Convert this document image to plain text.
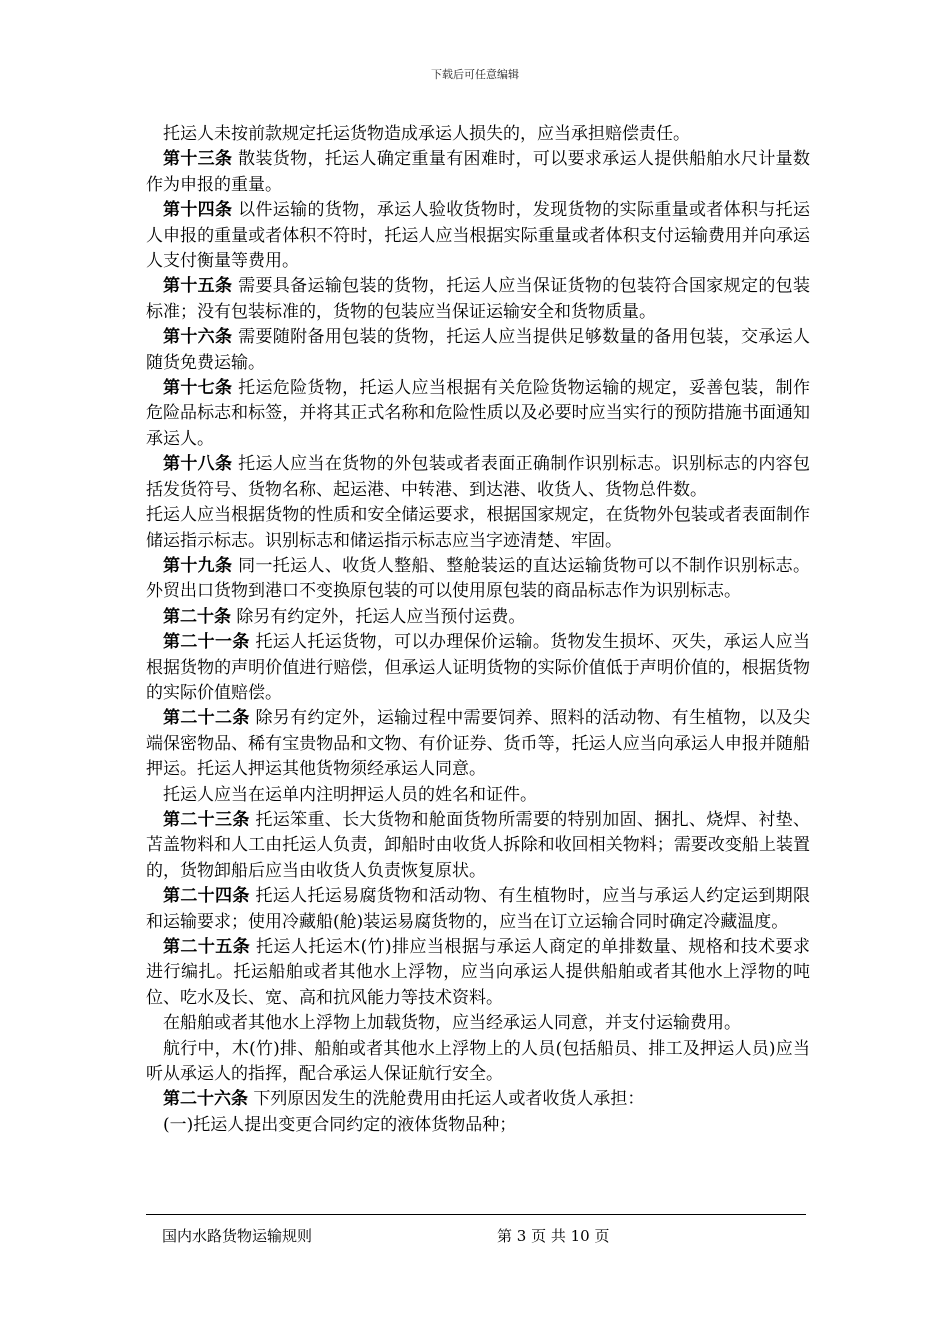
下载后可任意编辑

托运人未按前款规定托运货物造成承运人损失的，应当承担赔偿责任。

第十三条 散装货物，托运人确定重量有困难时，可以要求承运人提供船舶水尺计量数作为申报的重量。

第十四条 以件运输的货物，承运人验收货物时，发现货物的实际重量或者体积与托运人申报的重量或者体积不符时，托运人应当根据实际重量或者体积支付运输费用并向承运人支付衡量等费用。

第十五条 需要具备运输包装的货物，托运人应当保证货物的包装符合国家规定的包装标准；没有包装标准的，货物的包装应当保证运输安全和货物质量。

第十六条 需要随附备用包装的货物，托运人应当提供足够数量的备用包装，交承运人随货免费运输。

第十七条 托运危险货物，托运人应当根据有关危险货物运输的规定，妥善包装，制作危险品标志和标签，并将其正式名称和危险性质以及必要时应当实行的预防措施书面通知承运人。

第十八条 托运人应当在货物的外包装或者表面正确制作识别标志。识别标志的内容包括发货符号、货物名称、起运港、中转港、到达港、收货人、货物总件数。

托运人应当根据货物的性质和安全储运要求，根据国家规定，在货物外包装或者表面制作储运指示标志。识别标志和储运指示标志应当字迹清楚、牢固。

第十九条 同一托运人、收货人整船、整舱装运的直达运输货物可以不制作识别标志。外贸出口货物到港口不变换原包装的可以使用原包装的商品标志作为识别标志。

第二十条 除另有约定外，托运人应当预付运费。

第二十一条 托运人托运货物，可以办理保价运输。货物发生损坏、灭失，承运人应当根据货物的声明价值进行赔偿，但承运人证明货物的实际价值低于声明价值的，根据货物的实际价值赔偿。

第二十二条 除另有约定外，运输过程中需要饲养、照料的活动物、有生植物，以及尖端保密物品、稀有宝贵物品和文物、有价证券、货币等，托运人应当向承运人申报并随船押运。托运人押运其他货物须经承运人同意。

托运人应当在运单内注明押运人员的姓名和证件。

第二十三条 托运笨重、长大货物和舱面货物所需要的特别加固、捆扎、烧焊、衬垫、苫盖物料和人工由托运人负责，卸船时由收货人拆除和收回相关物料；需要改变船上装置的，货物卸船后应当由收货人负责恢复原状。

第二十四条 托运人托运易腐货物和活动物、有生植物时，应当与承运人约定运到期限和运输要求；使用冷藏船(舱)装运易腐货物的，应当在订立运输合同时确定冷藏温度。

第二十五条 托运人托运木(竹)排应当根据与承运人商定的单排数量、规格和技术要求进行编扎。托运船舶或者其他水上浮物，应当向承运人提供船舶或者其他水上浮物的吨位、吃水及长、宽、高和抗风能力等技术资料。

在船舶或者其他水上浮物上加载货物，应当经承运人同意，并支付运输费用。

航行中，木(竹)排、船舶或者其他水上浮物上的人员(包括船员、排工及押运人员)应当听从承运人的指挥，配合承运人保证航行安全。

第二十六条 下列原因发生的洗舱费用由托运人或者收货人承担：

(一)托运人提出变更合同约定的液体货物品种；

国内水路货物运输规则	第 3 页 共 10 页
